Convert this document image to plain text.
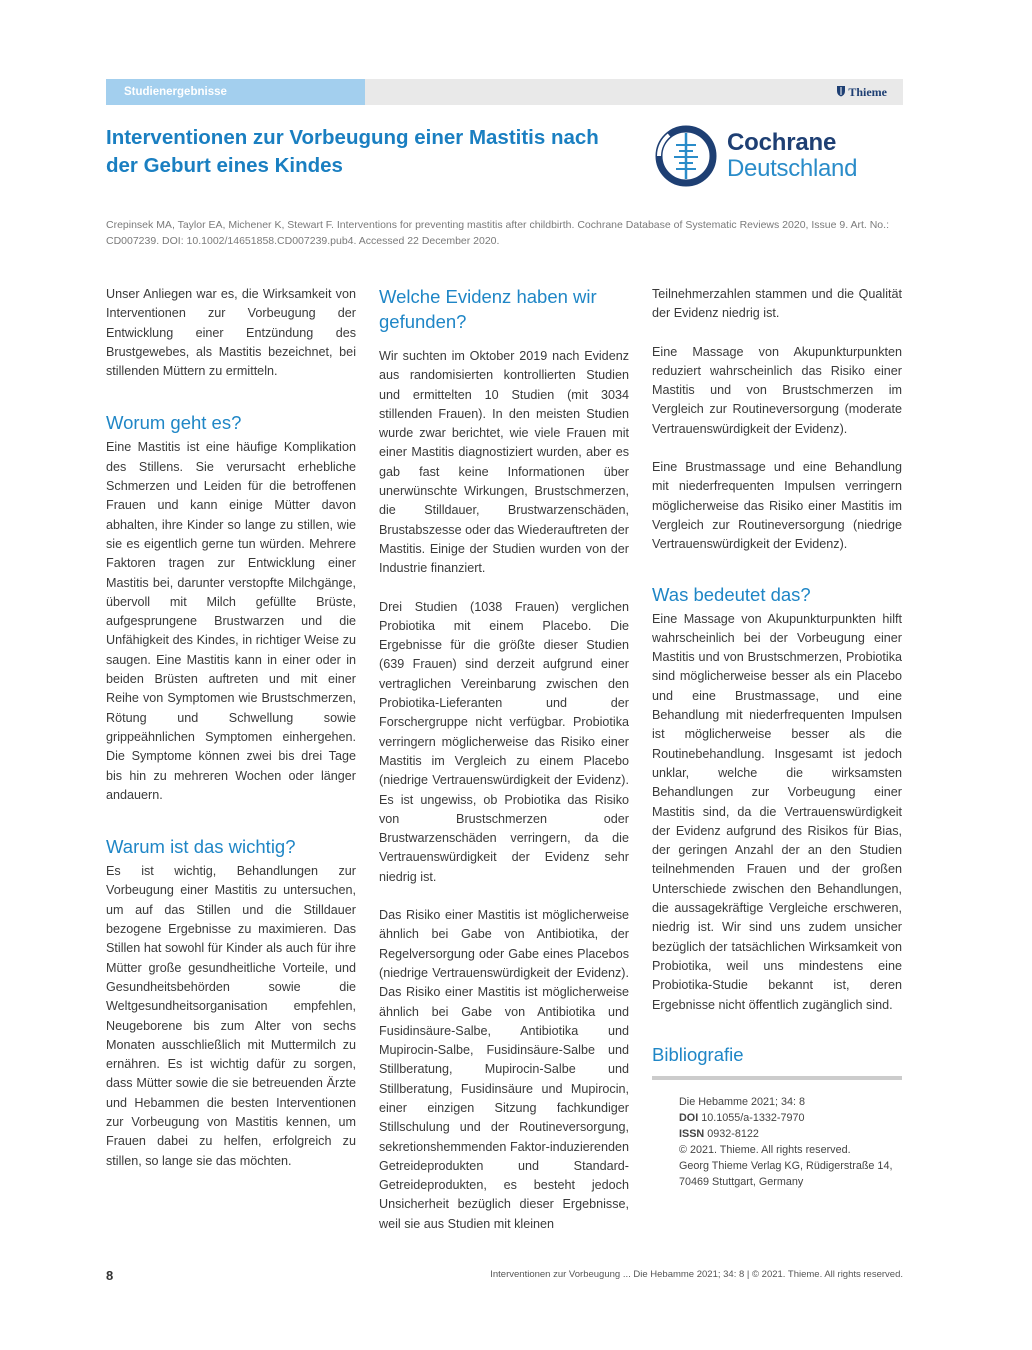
Studienergebnisse	Thieme
Interventionen zur Vorbeugung einer Mastitis nach der Geburt eines Kindes
Cochrane
Deutschland

Crepinsek MA, Taylor EA, Michener K, Stewart F. Interventions for preventing mastitis after childbirth. Cochrane Database of Systematic Reviews 2020, Issue 9. Art. No.: CD007239. DOI: 10.1002/14651858.CD007239.pub4. Accessed 22 December 2020.

Unser Anliegen war es, die Wirksamkeit von Interventionen zur Vorbeugung der Entwicklung einer Entzündung des Brustgewebes, als Mastitis bezeichnet, bei stillenden Müttern zu ermitteln.

Worum geht es?

Eine Mastitis ist eine häufige Komplikation des Stillens. Sie verursacht erhebliche Schmerzen und Leiden für die betroffenen Frauen und kann einige Mütter davon abhalten, ihre Kinder so lange zu stillen, wie sie es eigentlich gerne tun würden. Mehrere Faktoren tragen zur Entwicklung einer Mastitis bei, darunter verstopfte Milchgänge, übervoll mit Milch gefüllte Brüste, aufgesprungene Brustwarzen und die Unfähigkeit des Kindes, in richtiger Weise zu saugen. Eine Mastitis kann in einer oder in beiden Brüsten auftreten und mit einer Reihe von Symptomen wie Brustschmerzen, Rötung und Schwellung sowie grippeähnlichen Symptomen einhergehen. Die Symptome können zwei bis drei Tage bis hin zu mehreren Wochen oder länger andauern.

Warum ist das wichtig?

Es ist wichtig, Behandlungen zur Vorbeugung einer Mastitis zu untersuchen, um auf das Stillen und die Stilldauer bezogene Ergebnisse zu maximieren. Das Stillen hat sowohl für Kinder als auch für ihre Mütter große gesundheitliche Vorteile, und Gesundheitsbehörden sowie die Weltgesundheitsorganisation empfehlen, Neugeborene bis zum Alter von sechs Monaten ausschließlich mit Muttermilch zu ernähren. Es ist wichtig dafür zu sorgen, dass Mütter sowie die sie betreuenden Ärzte und Hebammen die besten Interventionen zur Vorbeugung von Mastitis kennen, um Frauen dabei zu helfen, erfolgreich zu stillen, so lange sie das möchten.

Welche Evidenz haben wir gefunden?

Wir suchten im Oktober 2019 nach Evidenz aus randomisierten kontrollierten Studien und ermittelten 10 Studien (mit 3034 stillenden Frauen). In den meisten Studien wurde zwar berichtet, wie viele Frauen mit einer Mastitis diagnostiziert wurden, aber es gab fast keine Informationen über unerwünschte Wirkungen, Brustschmerzen, die Stilldauer, Brustwarzenschäden, Brustabszesse oder das Wiederauftreten der Mastitis. Einige der Studien wurden von der Industrie finanziert.

Drei Studien (1038 Frauen) verglichen Probiotika mit einem Placebo. Die Ergebnisse für die größte dieser Studien (639 Frauen) sind derzeit aufgrund einer vertraglichen Vereinbarung zwischen den Probiotika-Lieferanten und der Forschergruppe nicht verfügbar. Probiotika verringern möglicherweise das Risiko einer Mastitis im Vergleich zu einem Placebo (niedrige Vertrauenswürdigkeit der Evidenz). Es ist ungewiss, ob Probiotika das Risiko von Brustschmerzen oder Brustwarzenschäden verringern, da die Vertrauenswürdigkeit der Evidenz sehr niedrig ist.

Das Risiko einer Mastitis ist möglicherweise ähnlich bei Gabe von Antibiotika, der Regelversorgung oder Gabe eines Placebos (niedrige Vertrauenswürdigkeit der Evidenz). Das Risiko einer Mastitis ist möglicherweise ähnlich bei Gabe von Antibiotika und Fusidinsäure-Salbe, Antibiotika und Mupirocin-Salbe, Fusidinsäure-Salbe und Stillberatung, Mupirocin-Salbe und Stillberatung, Fusidinsäure und Mupirocin, einer einzigen Sitzung fachkundiger Stillschulung und der Routineversorgung, sekretionshemmenden Faktor-induzierenden Getreideprodukten und Standard-Getreideprodukten, es besteht jedoch Unsicherheit bezüglich dieser Ergebnisse, weil sie aus Studien mit kleinen

Teilnehmerzahlen stammen und die Qualität der Evidenz niedrig ist.

Eine Massage von Akupunkturpunkten reduziert wahrscheinlich das Risiko einer Mastitis und von Brustschmerzen im Vergleich zur Routineversorgung (moderate Vertrauenswürdigkeit der Evidenz).

Eine Brustmassage und eine Behandlung mit niederfrequenten Impulsen verringern möglicherweise das Risiko einer Mastitis im Vergleich zur Routineversorgung (niedrige Vertrauenswürdigkeit der Evidenz).

Was bedeutet das?

Eine Massage von Akupunkturpunkten hilft wahrscheinlich bei der Vorbeugung einer Mastitis und von Brustschmerzen, Probiotika sind möglicherweise besser als ein Placebo und eine Brustmassage, und eine Behandlung mit niederfrequenten Impulsen ist möglicherweise besser als die Routinebehandlung. Insgesamt ist jedoch unklar, welche die wirksamsten Behandlungen zur Vorbeugung einer Mastitis sind, da die Vertrauenswürdigkeit der Evidenz aufgrund des Risikos für Bias, der geringen Anzahl der an den Studien teilnehmenden Frauen und der großen Unterschiede zwischen den Behandlungen, die aussagekräftige Vergleiche erschweren, niedrig ist. Wir sind uns zudem unsicher bezüglich der tatsächlichen Wirksamkeit von Probiotika, weil uns mindestens eine Probiotika-Studie bekannt ist, deren Ergebnisse nicht öffentlich zugänglich sind.

Bibliografie
Die Hebamme 2021; 34: 8
DOI 10.1055/a-1332-7970
ISSN 0932-8122
© 2021. Thieme. All rights reserved.
Georg Thieme Verlag KG, Rüdigerstraße 14,
70469 Stuttgart, Germany
8	Interventionen zur Vorbeugung ... Die Hebamme 2021; 34: 8 | © 2021. Thieme. All rights reserved.
